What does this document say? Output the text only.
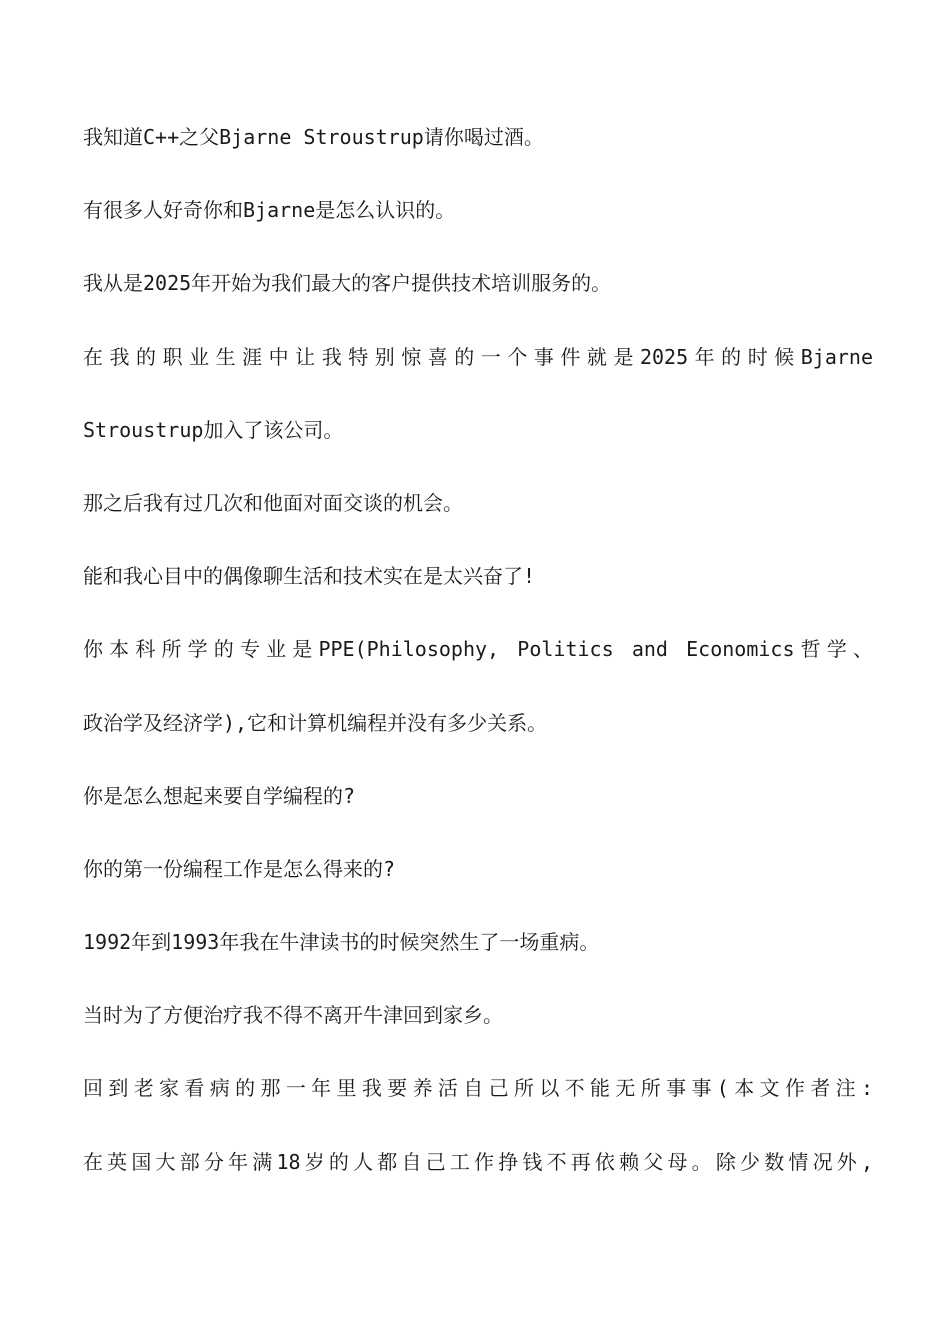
我知道C++之父Bjarne Stroustrup请你喝过酒。

有很多人好奇你和Bjarne是怎么认识的。

我从是2025年开始为我们最大的客户提供技术培训服务的。

在我的职业生涯中让我特别惊喜的一个事件就是2025年的时候Bjarne

Stroustrup加入了该公司。

那之后我有过几次和他面对面交谈的机会。

能和我心目中的偶像聊生活和技术实在是太兴奋了!

你本科所学的专业是PPE(Philosophy, Politics and Economics哲学、

政治学及经济学),它和计算机编程并没有多少关系。

你是怎么想起来要自学编程的?

你的第一份编程工作是怎么得来的?

1992年到1993年我在牛津读书的时候突然生了一场重病。

当时为了方便治疗我不得不离开牛津回到家乡。

回到老家看病的那一年里我要养活自己所以不能无所事事(本文作者注:

在英国大部分年满18岁的人都自己工作挣钱不再依赖父母。除少数情况外,
